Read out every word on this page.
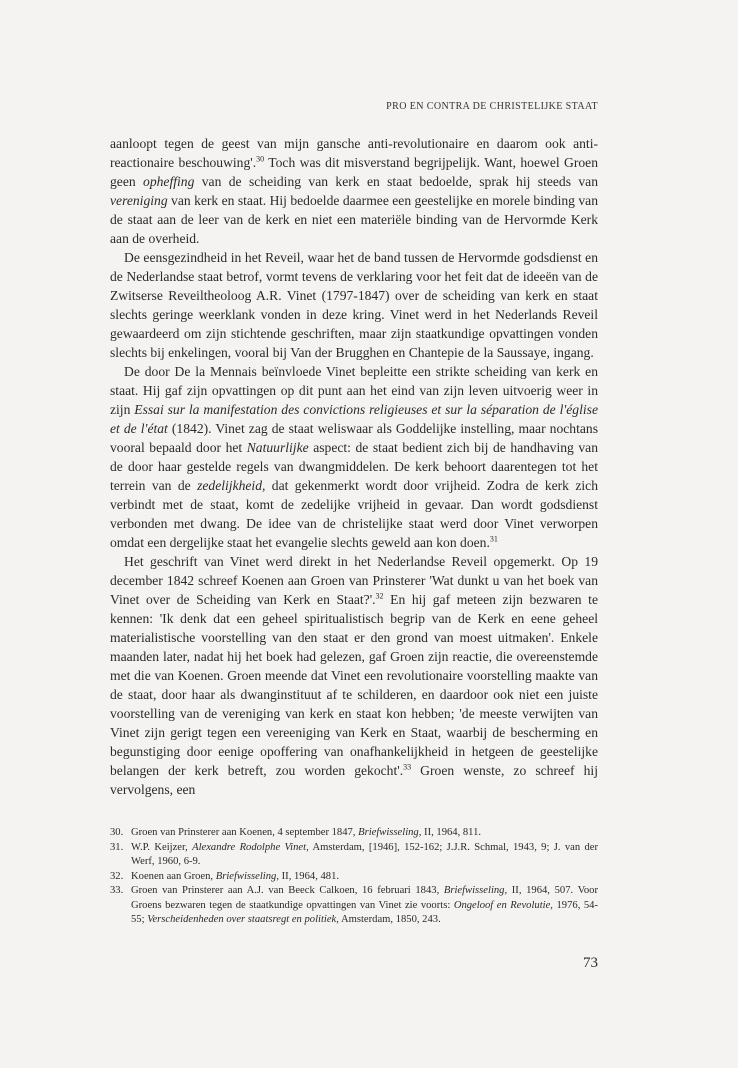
PRO EN CONTRA DE CHRISTELIJKE STAAT

aanloopt tegen de geest van mijn gansche anti-revolutionaire en daarom ook anti-reactionaire beschouwing'.$^{30}$ Toch was dit misverstand begrijpelijk. Want, hoewel Groen geen opheffing van de scheiding van kerk en staat bedoelde, sprak hij steeds van vereniging van kerk en staat. Hij bedoelde daarmee een geestelijke en morele binding van de staat aan de leer van de kerk en niet een materiële binding van de Hervormde Kerk aan de overheid.

De eensgezindheid in het Reveil, waar het de band tussen de Hervormde godsdienst en de Nederlandse staat betrof, vormt tevens de verklaring voor het feit dat de ideeën van de Zwitserse Reveiltheoloog A.R. Vinet (1797-1847) over de scheiding van kerk en staat slechts geringe weerklank vonden in deze kring. Vinet werd in het Nederlands Reveil gewaardeerd om zijn stichtende geschriften, maar zijn staatkundige opvattingen vonden slechts bij enkelingen, vooral bij Van der Brugghen en Chantepie de la Saussaye, ingang.

De door De la Mennais beïnvloede Vinet bepleitte een strikte scheiding van kerk en staat. Hij gaf zijn opvattingen op dit punt aan het eind van zijn leven uitvoerig weer in zijn Essai sur la manifestation des convictions religieuses et sur la séparation de l'église et de l'état (1842). Vinet zag de staat weliswaar als Goddelijke instelling, maar nochtans vooral bepaald door het Natuurlijke aspect: de staat bedient zich bij de handhaving van de door haar gestelde regels van dwangmiddelen. De kerk behoort daarentegen tot het terrein van de zedelijkheid, dat gekenmerkt wordt door vrijheid. Zodra de kerk zich verbindt met de staat, komt de zedelijke vrijheid in gevaar. Dan wordt godsdienst verbonden met dwang. De idee van de christelijke staat werd door Vinet verworpen omdat een dergelijke staat het evangelie slechts geweld aan kon doen.$^{31}$

Het geschrift van Vinet werd direkt in het Nederlandse Reveil opgemerkt. Op 19 december 1842 schreef Koenen aan Groen van Prinsterer 'Wat dunkt u van het boek van Vinet over de Scheiding van Kerk en Staat?'.$^{32}$ En hij gaf meteen zijn bezwaren te kennen: 'Ik denk dat een geheel spiritualistisch begrip van de Kerk en eene geheel materialistische voorstelling van den staat er den grond van moest uitmaken'. Enkele maanden later, nadat hij het boek had gelezen, gaf Groen zijn reactie, die overeenstemde met die van Koenen. Groen meende dat Vinet een revolutionaire voorstelling maakte van de staat, door haar als dwanginstituut af te schilderen, en daardoor ook niet een juiste voorstelling van de vereniging van kerk en staat kon hebben; 'de meeste verwijten van Vinet zijn gerigt tegen een vereeniging van Kerk en Staat, waarbij de bescherming en begunstiging door eenige opoffering van onafhankelijkheid in hetgeen de geestelijke belangen der kerk betreft, zou worden gekocht'.$^{33}$ Groen wenste, zo schreef hij vervolgens, een

30. Groen van Prinsterer aan Koenen, 4 september 1847, Briefwisseling, II, 1964, 811.
31. W.P. Keijzer, Alexandre Rodolphe Vinet, Amsterdam, [1946], 152-162; J.J.R. Schmal, 1943, 9; J. van der Werf, 1960, 6-9.
32. Koenen aan Groen, Briefwisseling, II, 1964, 481.
33. Groen van Prinsterer aan A.J. van Beeck Calkoen, 16 februari 1843, Briefwisseling, II, 1964, 507. Voor Groens bezwaren tegen de staatkundige opvattingen van Vinet zie voorts: Ongeloof en Revolutie, 1976, 54-55; Verscheidenheden over staatsregt en politiek, Amsterdam, 1850, 243.
73
